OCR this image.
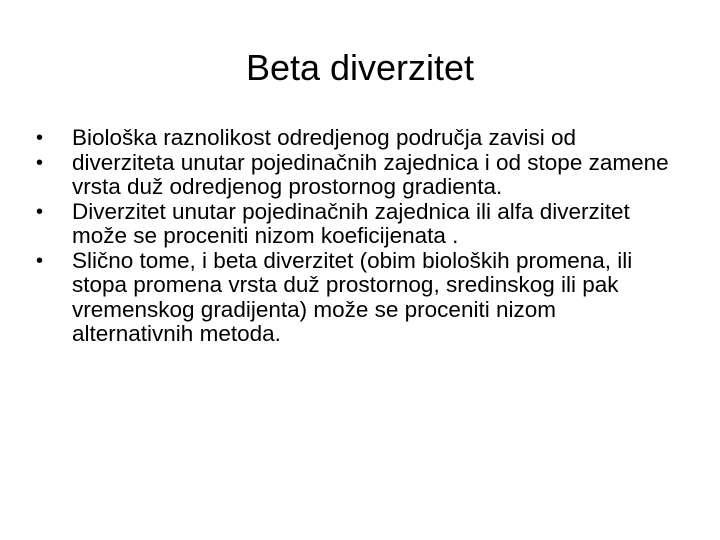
Beta diverzitet
•	Biološka raznolikost odredjenog područja zavisi od
•	diverziteta unutar pojedinačnih zajednica i od stope zamene vrsta duž odredjenog prostornog gradienta.
•	Diverzitet unutar pojedinačnih zajednica ili alfa diverzitet može se proceniti nizom koeficijenata .
•	Slično tome, i beta diverzitet (obim bioloških promena, ili stopa promena vrsta duž prostornog, sredinskog ili pak vremenskog gradijenta) može se proceniti nizom alternativnih metoda.
